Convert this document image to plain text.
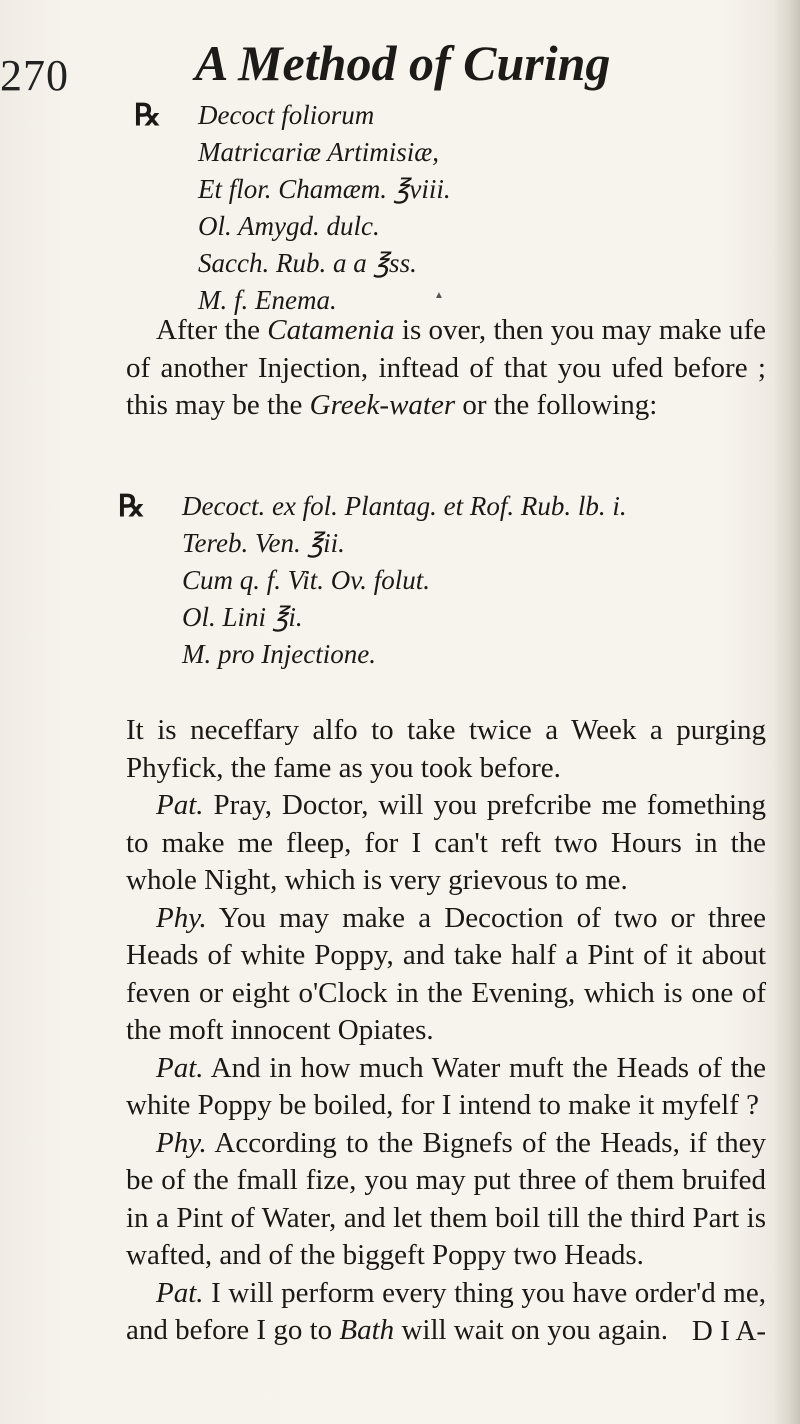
270	A Method of Curing
℞ Decoct foliorum
Matricariæ Artimisiæ,
Et flor. Chamæm. ℥viii.
Ol. Amygd. dulc.
Sacch. Rub. a a ℥ss.
M. f. Enema.	▲

After the Catamenia is over, then you may make ufe of another Injection, inftead of that you ufed before ; this may be the Greek-water or the following:

℞ Decoct. ex fol. Plantag. et Rof. Rub. lb. i.
Tereb. Ven. ℥ii.
Cum q. f. Vit. Ov. folut.
Ol. Lini ℥i.
M. pro Injectione.

It is neceffary alfo to take twice a Week a purging Phyfick, the fame as you took before.

Pat. Pray, Doctor, will you prefcribe me fomething to make me fleep, for I can't reft two Hours in the whole Night, which is very grievous to me.

Phy. You may make a Decoction of two or three Heads of white Poppy, and take half a Pint of it about feven or eight o'Clock in the Evening, which is one of the moft innocent Opiates.

Pat. And in how much Water muft the Heads of the white Poppy be boiled, for I intend to make it myfelf ?

Phy. According to the Bignefs of the Heads, if they be of the fmall fize, you may put three of them bruifed in a Pint of Water, and let them boil till the third Part is wafted, and of the biggeft Poppy two Heads.

Pat. I will perform every thing you have order'd me, and before I go to Bath will wait on you again. D I A-
